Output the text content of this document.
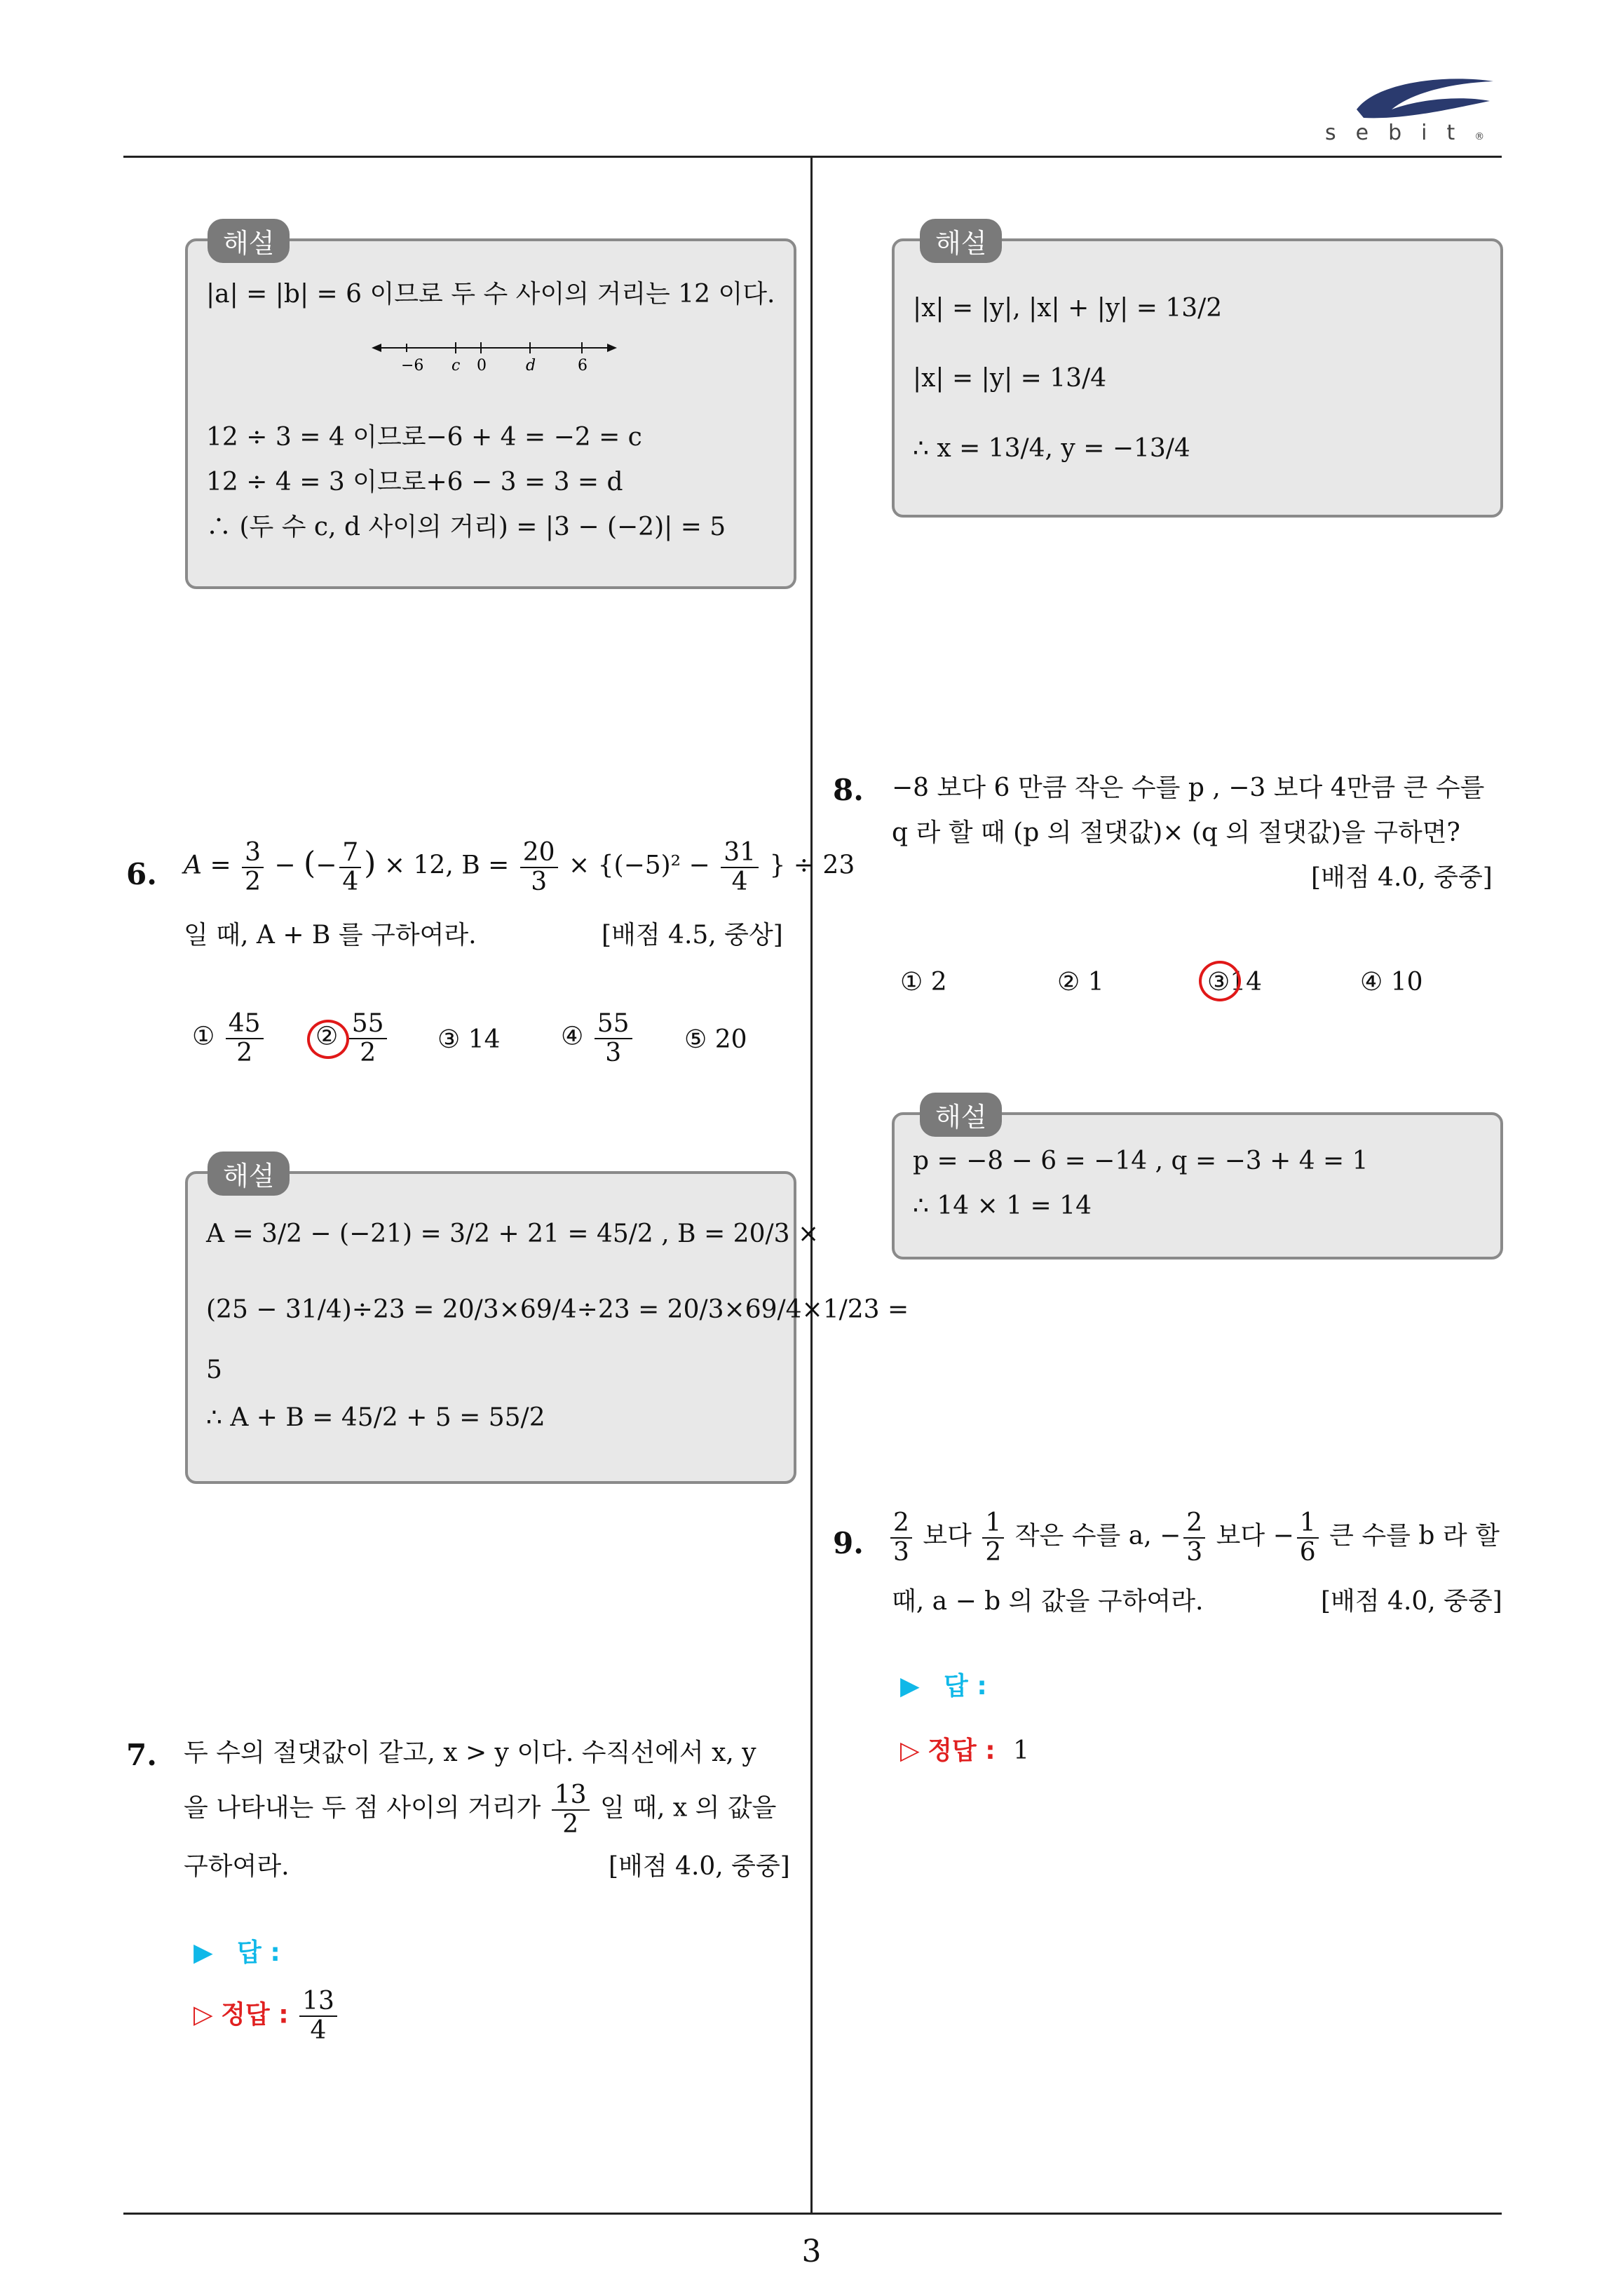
sebit®
해설
|a| = |b| = 6 이므로 두 수 사이의 거리는 12 이다.
−6 c 0	d	6
12 ÷ 3 = 4 이므로−6 + 4 = −2 = c
12 ÷ 4 = 3 이므로+6 − 3 = 3 = d
∴ (두 수 c, d 사이의 거리) = |3 − (−2)| = 5
6. $A = \frac{3}{2}$ − (− $\frac{7}{4}$ ) × 12, $B = \frac{20}{3} \times \{(-5)^2 - \frac{31}{4}$ } ÷ 23
일 때, A + B 를 구하여라.	[배점 4.5, 중상]
① $\frac{45}{2}$ ② $\frac{55}{2}$ ③ 14 ④ $\frac{55}{3}$ ⑤ 20
해설
A = 3/2 − (−21) = 3/2 + 21 = 45/2 , B = 20/3 ×
(25 − 31/4)÷23 = 20/3×69/4÷23 = 20/3×69/4×1/23 =
5
∴ A + B = 45/2 + 5 = 55/2
7. 두 수의 절댓값이 같고, x > y 이다. 수직선에서 x, y
을 나타내는 두 점 사이의 거리가 $\frac{13}{2}$ 일 때, x 의 값을
구하여라.	[배점 4.0, 중중]
▶ 답 :
▷ 정답 : $\frac{13}{4}$
해설
|x| = |y|, |x| + |y| = 13/2
|x| = |y| = 13/4
∴ x = 13/4, y = −13/4
8. −8 보다 6 만큼 작은 수를 p , −3 보다 4만큼 큰 수를
q 라 할 때 (p 의 절댓값)× (q 의 절댓값)을 구하면?
[배점 4.0, 중중]
① 2	② 1	③14	④ 10
해설
p = −8 − 6 = −14 , q = −3 + 4 = 1
∴ 14 × 1 = 14
9. $\frac{2}{3}$ 보다 $\frac{1}{2}$ 작은 수를 a, − $\frac{2}{3}$ 보다 − $\frac{1}{6}$ 큰 수를 b 라 할
때, a − b 의 값을 구하여라.	[배점 4.0, 중중]
▶ 답 :
▷ 정답 : 1
3
